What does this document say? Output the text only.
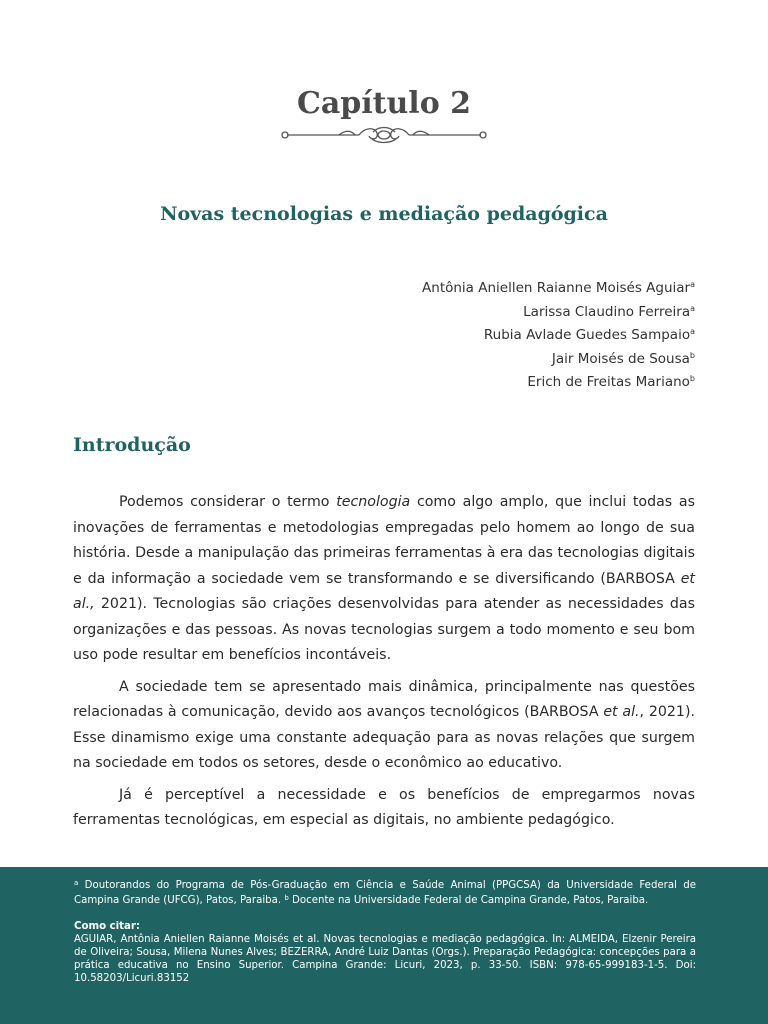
Capítulo 2
Novas tecnologias e mediação pedagógica
Antônia Aniellen Raianne Moisés Aguiar$^a$
Larissa Claudino Ferreira$^a$
Rubia Avlade Guedes Sampaio$^a$
Jair Moisés de Sousa$^b$
Erich de Freitas Mariano$^b$
Introdução

Podemos considerar o termo tecnologia como algo amplo, que inclui todas as inovações de ferramentas e metodologias empregadas pelo homem ao longo de sua história. Desde a manipulação das primeiras ferramentas à era das tecnologias digitais e da informação a sociedade vem se transformando e se diversificando (BARBOSA et al., 2021). Tecnologias são criações desenvolvidas para atender as necessidades das organizações e das pessoas. As novas tecnologias surgem a todo momento e seu bom uso pode resultar em benefícios incontáveis.

A sociedade tem se apresentado mais dinâmica, principalmente nas questões relacionadas à comunicação, devido aos avanços tecnológicos (BARBOSA et al., 2021). Esse dinamismo exige uma constante adequação para as novas relações que surgem na sociedade em todos os setores, desde o econômico ao educativo.

Já é perceptível a necessidade e os benefícios de empregarmos novas ferramentas tecnológicas, em especial as digitais, no ambiente pedagógico.

$^a$ Doutorandos do Programa de Pós-Graduação em Ciência e Saúde Animal (PPGCSA) da Universidade Federal de Campina Grande (UFCG), Patos, Paraiba. $^b$ Docente na Universidade Federal de Campina Grande, Patos, Paraiba.

Como citar:

AGUIAR, Antônia Aniellen Raianne Moisés et al. Novas tecnologias e mediação pedagógica. In: ALMEIDA, Elzenir Pereira de Oliveira; Sousa, Milena Nunes Alves; BEZERRA, André Luiz Dantas (Orgs.). Preparação Pedagógica: concepções para a prática educativa no Ensino Superior. Campina Grande: Licuri, 2023, p. 33-50. ISBN: 978-65-999183-1-5. Doi: 10.58203/Licuri.83152
